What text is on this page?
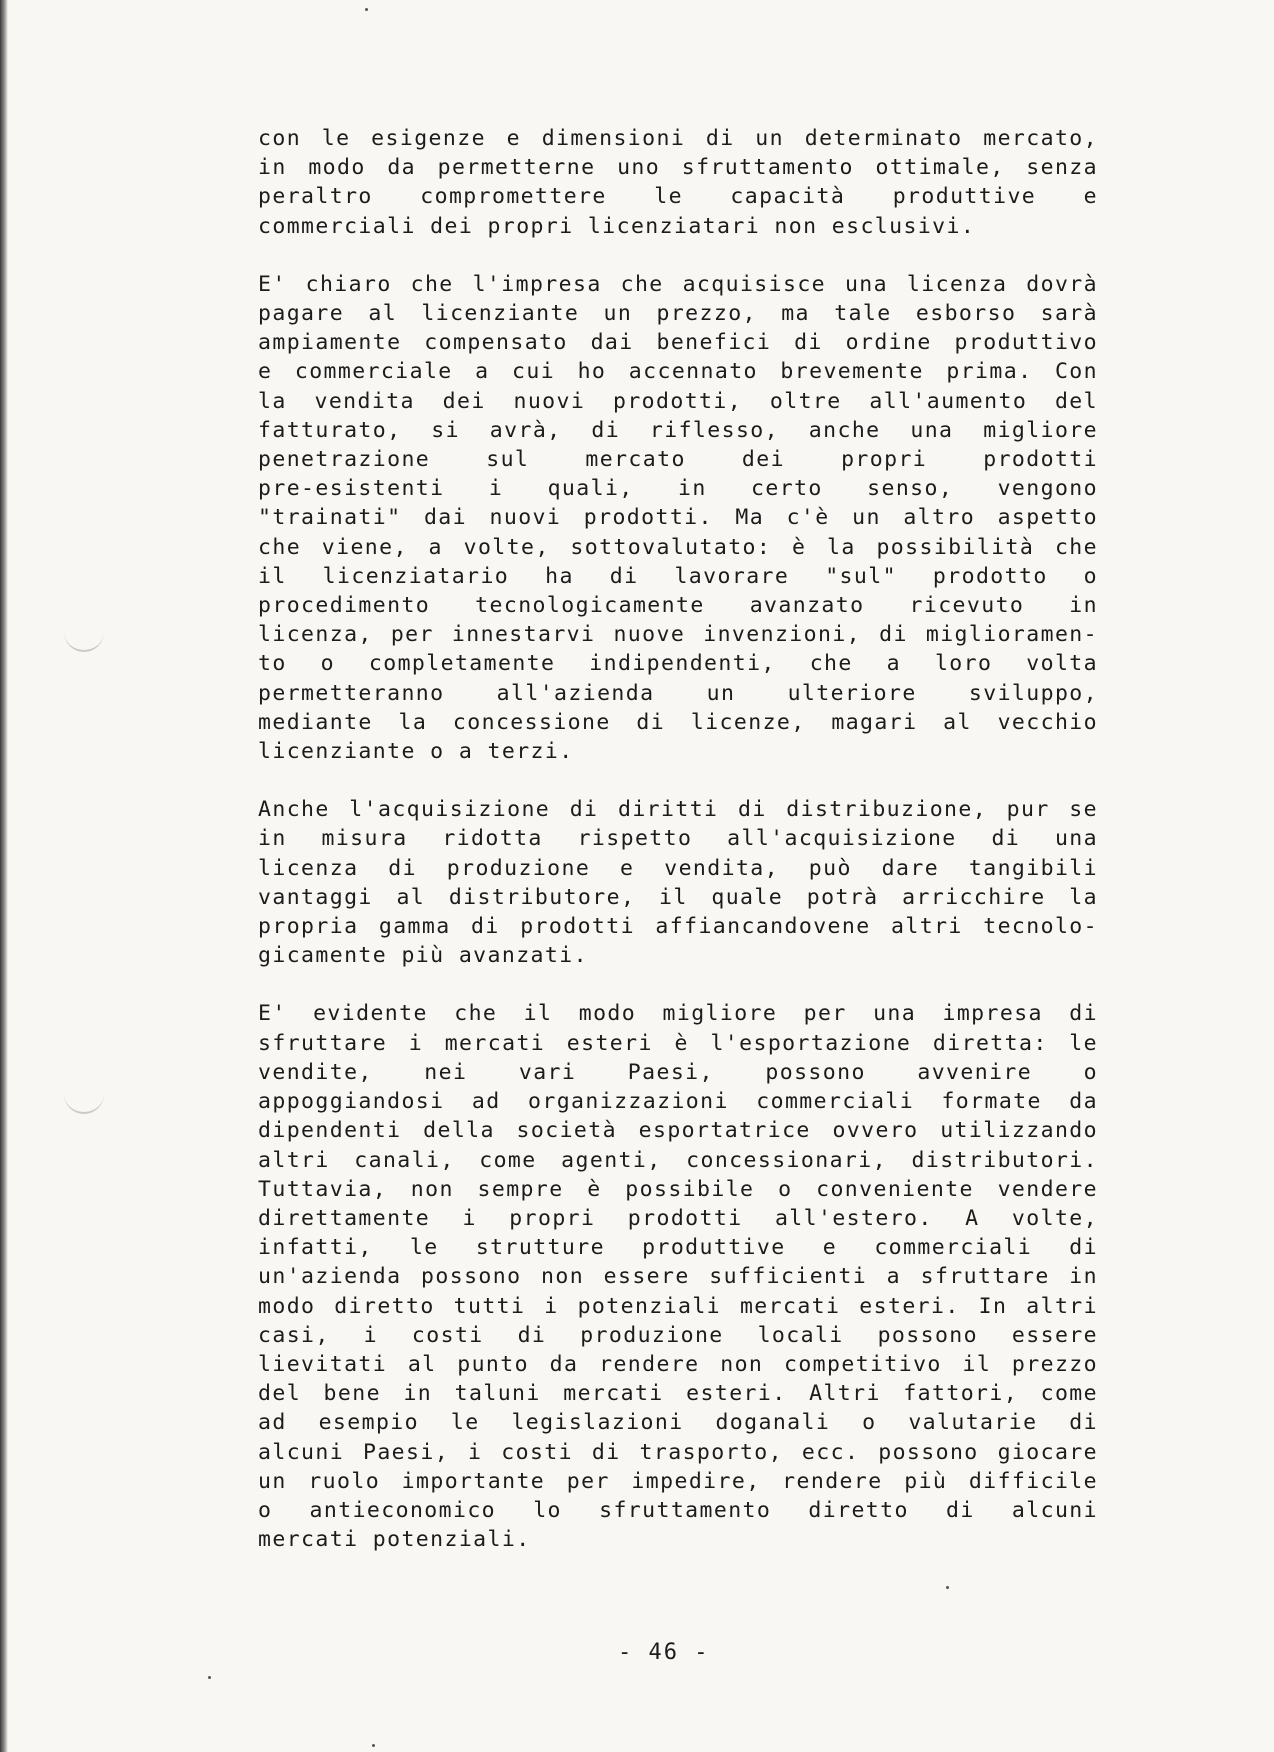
con le esigenze e dimensioni di un determinato mercato,
in modo da permetterne uno sfruttamento ottimale, senza
peraltro compromettere le capacità produttive e
commerciali dei propri licenziatari non esclusivi.

E' chiaro che l'impresa che acquisisce una licenza dovrà
pagare al licenziante un prezzo, ma tale esborso sarà
ampiamente compensato dai benefici di ordine produttivo
e commerciale a cui ho accennato brevemente prima. Con
la vendita dei nuovi prodotti, oltre all'aumento del
fatturato, si avrà, di riflesso, anche una migliore
penetrazione sul mercato dei propri prodotti
pre-esistenti i quali, in certo senso, vengono
"trainati" dai nuovi prodotti. Ma c'è un altro aspetto
che viene, a volte, sottovalutato: è la possibilità che
il licenziatario ha di lavorare "sul" prodotto o
procedimento tecnologicamente avanzato ricevuto in
licenza, per innestarvi nuove invenzioni, di miglioramen-
to o completamente indipendenti, che a loro volta
permetteranno all'azienda un ulteriore sviluppo,
mediante la concessione di licenze, magari al vecchio
licenziante o a terzi.

Anche l'acquisizione di diritti di distribuzione, pur se
in misura ridotta rispetto all'acquisizione di una
licenza di produzione e vendita, può dare tangibili
vantaggi al distributore, il quale potrà arricchire la
propria gamma di prodotti affiancandovene altri tecnolo-
gicamente più avanzati.

E' evidente che il modo migliore per una impresa di
sfruttare i mercati esteri è l'esportazione diretta: le
vendite, nei vari Paesi, possono avvenire o
appoggiandosi ad organizzazioni commerciali formate da
dipendenti della società esportatrice ovvero utilizzando
altri canali, come agenti, concessionari, distributori.
Tuttavia, non sempre è possibile o conveniente vendere
direttamente i propri prodotti all'estero. A volte,
infatti, le strutture produttive e commerciali di
un'azienda possono non essere sufficienti a sfruttare in
modo diretto tutti i potenziali mercati esteri. In altri
casi, i costi di produzione locali possono essere
lievitati al punto da rendere non competitivo il prezzo
del bene in taluni mercati esteri. Altri fattori, come
ad esempio le legislazioni doganali o valutarie di
alcuni Paesi, i costi di trasporto, ecc. possono giocare
un ruolo importante per impedire, rendere più difficile
o antieconomico lo sfruttamento diretto di alcuni
mercati potenziali.

- 46 -
